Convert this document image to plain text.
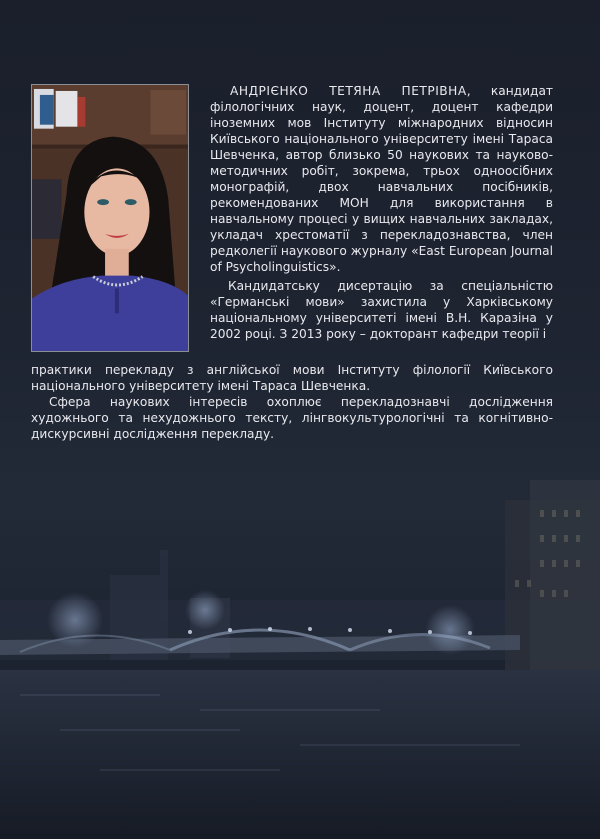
АНДРІЄНКО ТЕТЯНА ПЕТРІВНА, кандидат філологічних наук, доцент, доцент кафедри іноземних мов Інституту міжнародних відносин Київського національного університету імені Тараса Шевченка, автор близько 50 наукових та науково-методичних робіт, зокрема, трьох одноосібних монографій, двох навчальних посібників, рекомендованих МОН для використання в навчальному процесі у вищих навчальних закладах, укладач хрестоматії з перекладознавства, член редколегії наукового журналу «East European Journal of Psycholinguistics».

Кандидатську дисертацію за спеціальністю «Германські мови» захистила у Харківському національному університеті імені В.Н. Каразіна у 2002 році. З 2013 року – докторант кафедри теорії і

практики перекладу з англійської мови Інституту філології Київського національного університету імені Тараса Шевченка.

Сфера наукових інтересів охоплює перекладознавчі дослідження художнього та нехудожнього тексту, лінгвокультурологічні та когнітивно-дискурсивні дослідження перекладу.
